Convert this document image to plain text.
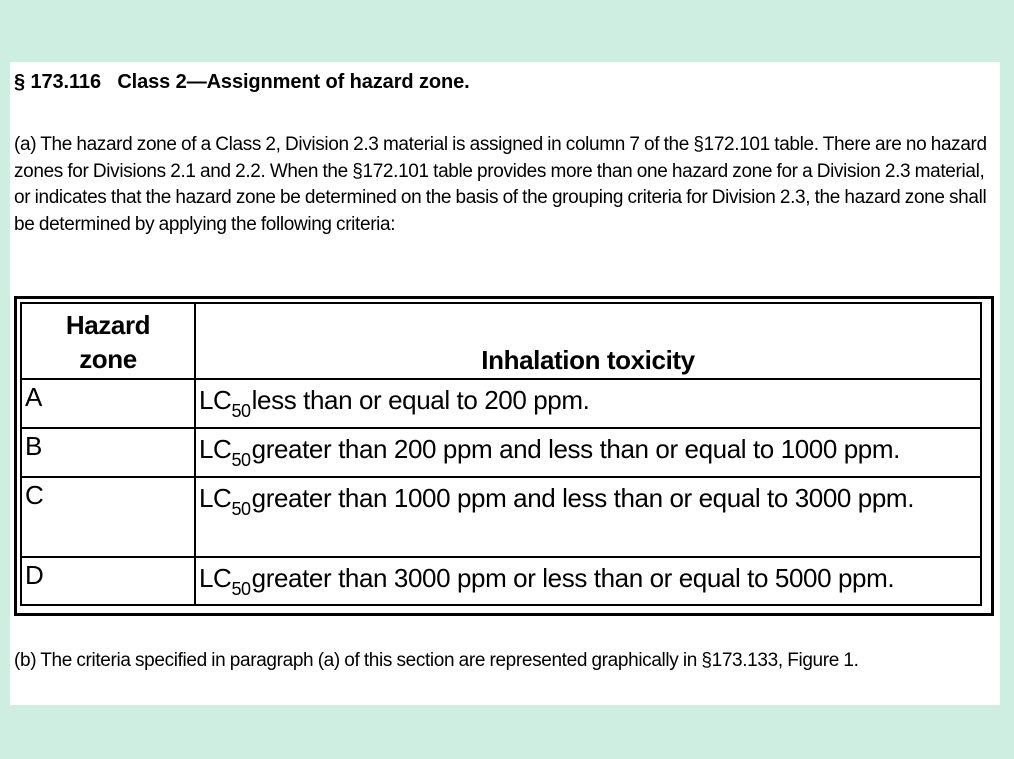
§ 173.116   Class 2—Assignment of hazard zone.
(a) The hazard zone of a Class 2, Division 2.3 material is assigned in column 7 of the §172.101 table. There are no hazard zones for Divisions 2.1 and 2.2. When the §172.101 table provides more than one hazard zone for a Division 2.3 material, or indicates that the hazard zone be determined on the basis of the grouping criteria for Division 2.3, the hazard zone shall be determined by applying the following criteria:
Hazard
zone	Inhalation toxicity
A	$LC_{50}less$ than or equal to 200 ppm.
B	$LC_{50}greater$ than 200 ppm and less than or equal to 1000 ppm.
C	$LC_{50}greater$ than 1000 ppm and less than or equal to 3000 ppm.
D	$LC_{50}greater$ than 3000 ppm or less than or equal to 5000 ppm.
(b) The criteria specified in paragraph (a) of this section are represented graphically in §173.133, Figure 1.
